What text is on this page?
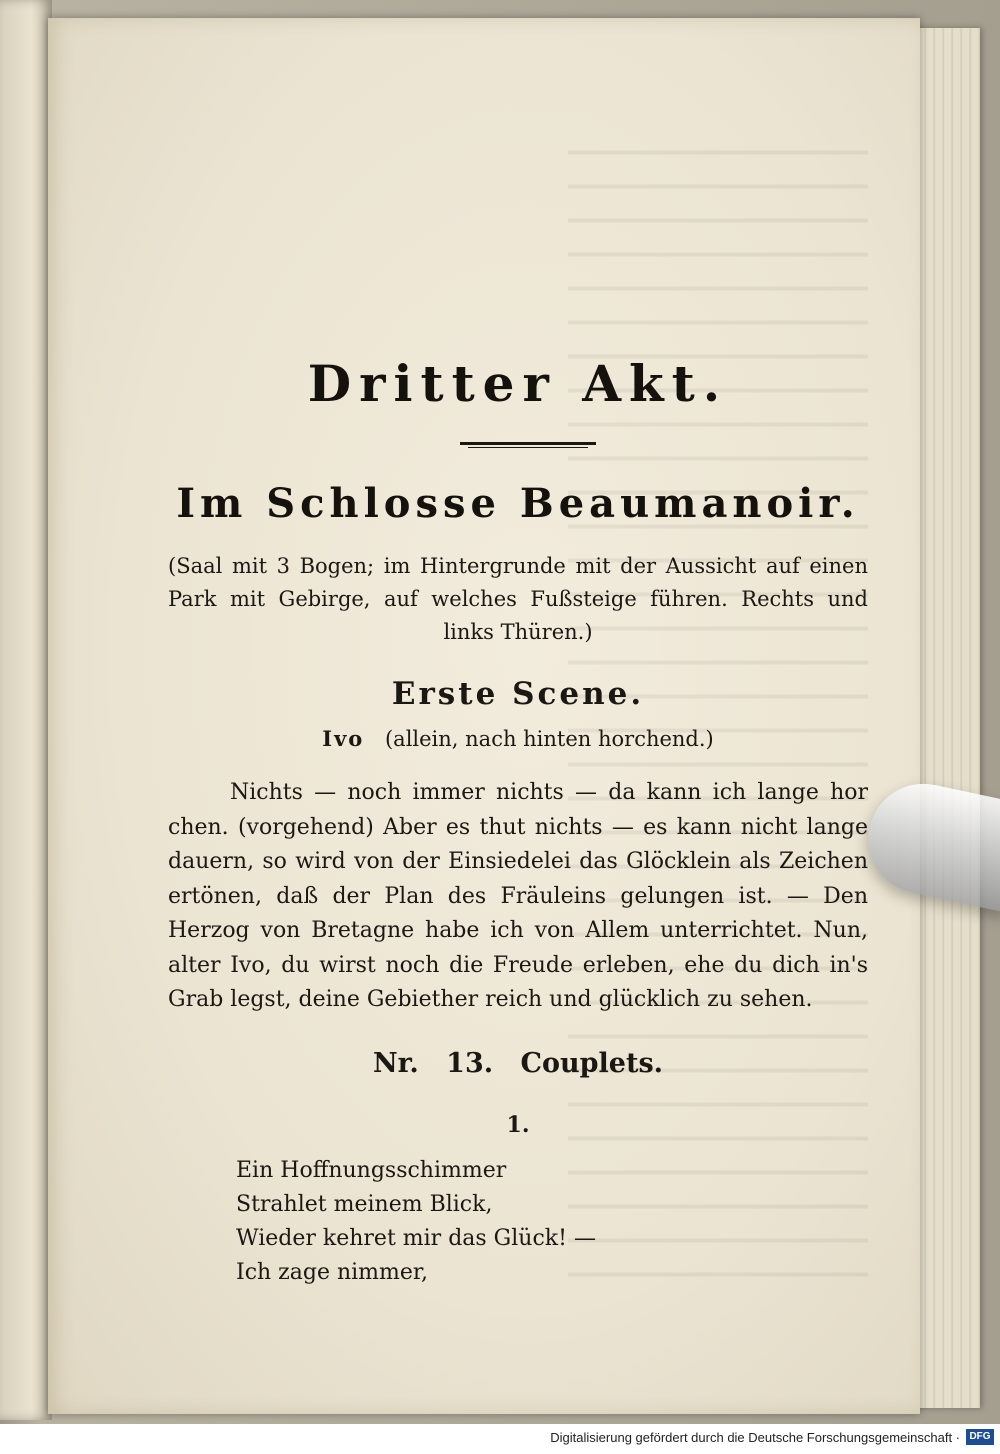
Dritter Akt.
Im Schlosse Beaumanoir.
(Saal mit 3 Bogen; im Hintergrunde mit der Aussicht auf einen Park mit Gebirge, auf welches Fußsteige führen. Rechts und links Thüren.)
Erste Scene.
Ivo (allein, nach hinten horchend.)
Nichts — noch immer nichts — da kann ich lange hor
chen. (vorgehend) Aber es thut nichts — es kann nicht lange
dauern, so wird von der Einsiedelei das Glöcklein als Zeichen
ertönen, daß der Plan des Fräuleins gelungen ist. — Den
Herzog von Bretagne habe ich von Allem unterrichtet. Nun,
alter Ivo, du wirst noch die Freude erleben, ehe du dich in's
Grab legst, deine Gebiether reich und glücklich zu sehen.
Nr. 13. Couplets.
1.
Ein Hoffnungsschimmer
Strahlet meinem Blick,
Wieder kehret mir das Glück! —
Ich zage nimmer,
Digitalisierung gefördert durch die Deutsche Forschungsgemeinschaft · DFG
